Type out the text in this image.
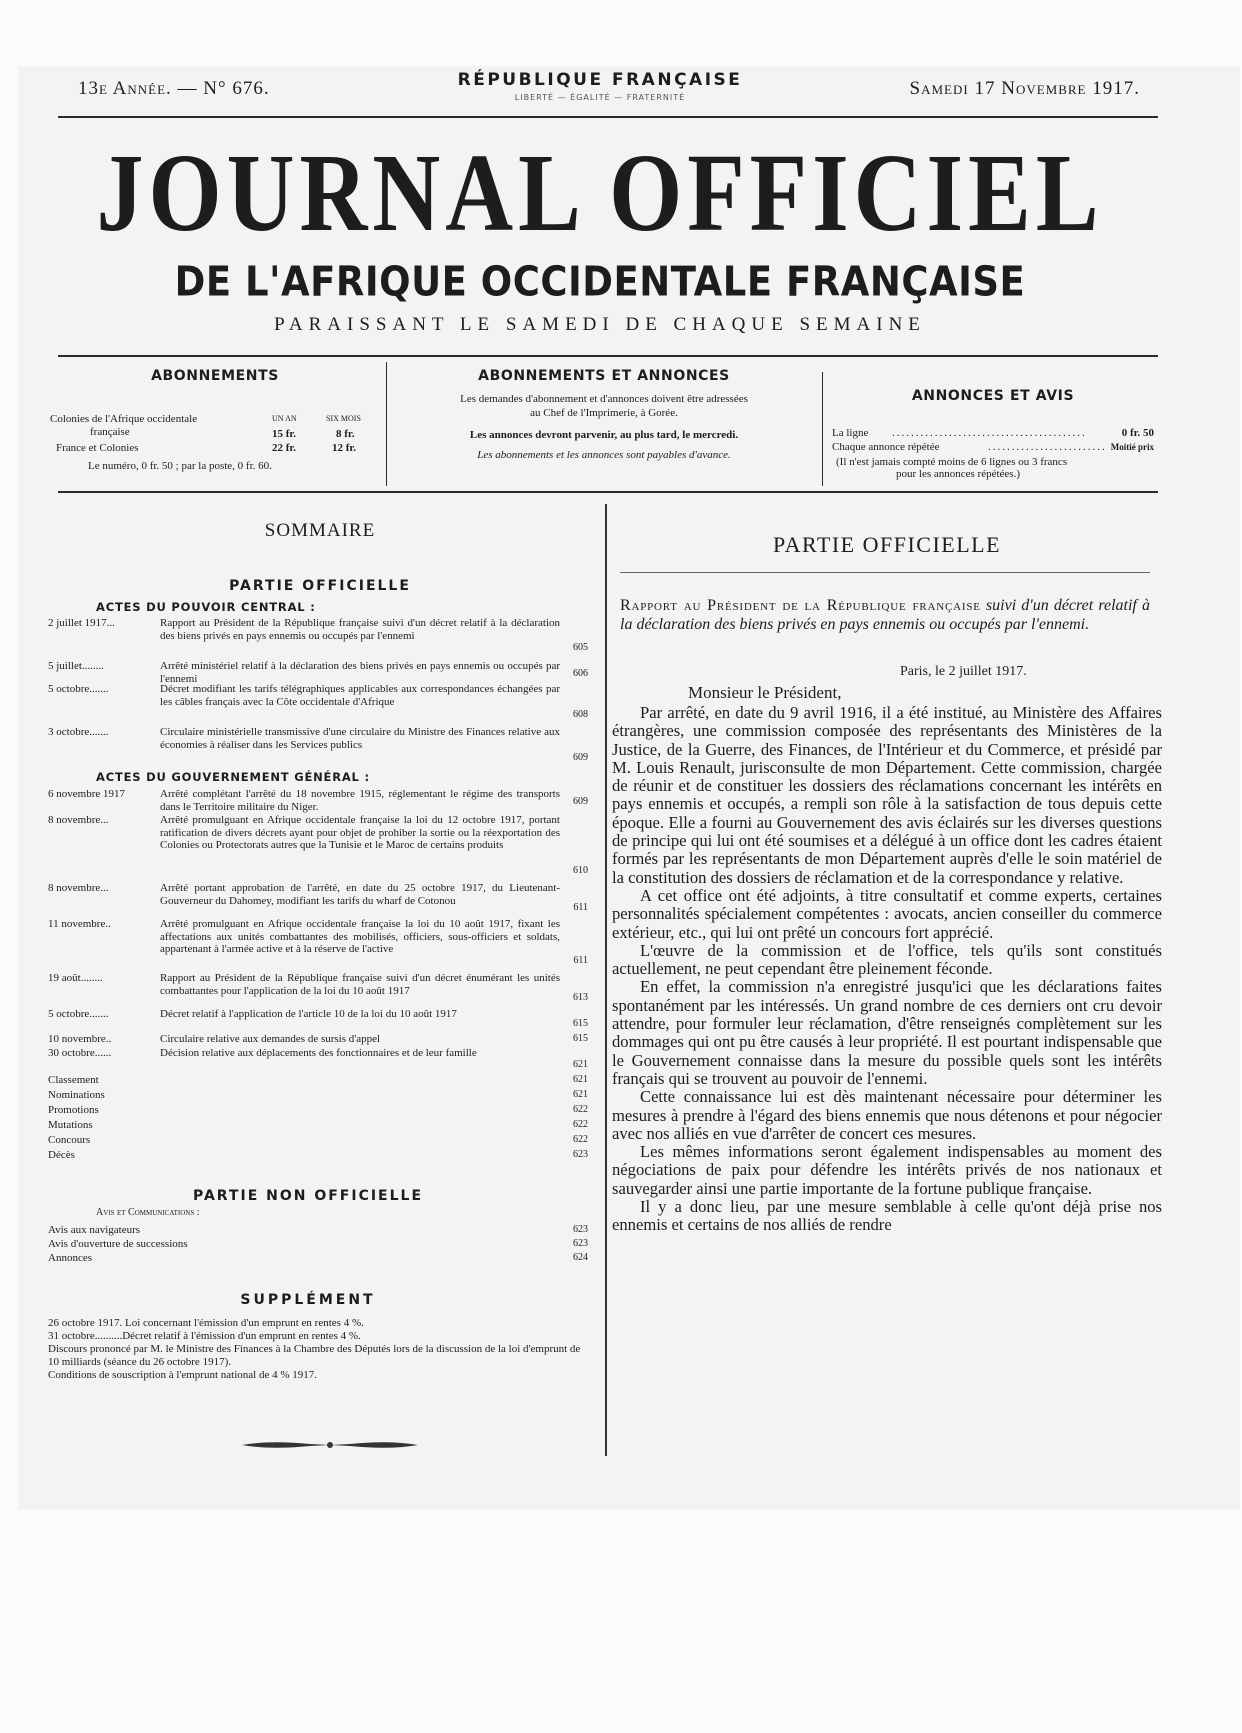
13e Année. — N° 676.	RÉPUBLIQUE FRANÇAISE
LIBERTÉ — ÉGALITÉ — FRATERNITÉ	Samedi 17 Novembre 1917.
JOURNAL OFFICIEL
DE L'AFRIQUE OCCIDENTALE FRANÇAISE
PARAISSANT LE SAMEDI DE CHAQUE SEMAINE
ABONNEMENTS
UN AN	SIX MOIS
Colonies de l'Afrique occidentale
française	15 fr.	8 fr.
France et Colonies	22 fr.	12 fr.
Le numéro, 0 fr. 50 ; par la poste, 0 fr. 60.
ABONNEMENTS ET ANNONCES
Les demandes d'abonnement et d'annonces doivent être adressées
au Chef de l'Imprimerie, à Gorée.
Les annonces devront parvenir, au plus tard, le mercredi.
Les abonnements et les annonces sont payables d'avance.
ANNONCES ET AVIS
La ligne .........................................	0 fr. 50
Chaque annonce répétée	......................... Moitié prix
(Il n'est jamais compté moins de 6 lignes ou 3 francs
pour les annonces répétées.)
SOMMAIRE
PARTIE OFFICIELLE
ACTES DU POUVOIR CENTRAL :
2 juillet 1917...	Rapport au Président de la République française suivi d'un décret relatif à la déclaration des biens privés en pays ennemis ou occupés par l'ennemi
605
5 juillet........	Arrêté ministériel relatif à la déclaration des biens privés en pays ennemis ou occupés par l'ennemi	606
5 octobre.......	Décret modifiant les tarifs télégraphiques applicables aux correspondances échangées par les câbles français avec la Côte occidentale d'Afrique
608
3 octobre.......	Circulaire ministérielle transmissive d'une circulaire du Ministre des Finances relative aux économies à réaliser dans les Services publics
609
ACTES DU GOUVERNEMENT GÉNÉRAL :
6 novembre 1917	Arrêté complétant l'arrêté du 18 novembre 1915, réglementant le régime des transports dans le Territoire militaire du Niger.	609
8 novembre...	Arrêté promulguant en Afrique occidentale française la loi du 12 octobre 1917, portant ratification de divers décrets ayant pour objet de prohiber la sortie ou la réexportation des Colonies ou Protectorats autres que la Tunisie et le Maroc de certains produits
610
8 novembre...	Arrêté portant approbation de l'arrêté, en date du 25 octobre 1917, du Lieutenant-Gouverneur du Dahomey, modifiant les tarifs du wharf de Cotonou
611
11 novembre..	Arrêté promulguant en Afrique occidentale française la loi du 10 août 1917, fixant les affectations aux unités combattantes des mobilisés, officiers, sous-officiers et soldats, appartenant à l'armée active et à la réserve de l'active
611
19 août........	Rapport au Président de la République française suivi d'un décret énumérant les unités combattantes pour l'application de la loi du 10 août 1917
613
5 octobre.......	Décret relatif à l'application de l'article 10 de la loi du 10 août 1917
615
10 novembre..	Circulaire relative aux demandes de sursis d'appel	615
30 octobre......	Décision relative aux déplacements des fonctionnaires et de leur famille
621
Classement	621
Nominations	621
Promotions	622
Mutations	622
Concours	622
Décès	623
PARTIE NON OFFICIELLE
Avis et Communications :
Avis aux navigateurs	623
Avis d'ouverture de successions	623
Annonces	624
SUPPLÉMENT
26 octobre 1917. Loi concernant l'émission d'un emprunt en rentes 4 %.
31 octobre..........Décret relatif à l'émission d'un emprunt en rentes 4 %.
Discours prononcé par M. le Ministre des Finances à la Chambre des Députés lors de la discussion de la loi d'emprunt de 10 milliards (séance du 26 octobre 1917).
Conditions de souscription à l'emprunt national de 4 % 1917.
PARTIE OFFICIELLE
Rapport au Président de la République française suivi d'un décret relatif à la déclaration des biens privés en pays ennemis ou occupés par l'ennemi.
Paris, le 2 juillet 1917.
Monsieur le Président,

Par arrêté, en date du 9 avril 1916, il a été institué, au Ministère des Affaires étrangères, une commission composée des représentants des Ministères de la Justice, de la Guerre, des Finances, de l'Intérieur et du Commerce, et présidé par M. Louis Renault, jurisconsulte de mon Département. Cette commission, chargée de réunir et de constituer les dossiers des réclamations concernant les intérêts en pays ennemis et occupés, a rempli son rôle à la satisfaction de tous depuis cette époque. Elle a fourni au Gouvernement des avis éclairés sur les diverses questions de principe qui lui ont été soumises et a délégué à un office dont les cadres étaient formés par les représentants de mon Département auprès d'elle le soin matériel de la constitution des dossiers de réclamation et de la correspondance y relative.

A cet office ont été adjoints, à titre consultatif et comme experts, certaines personnalités spécialement compétentes : avocats, ancien conseiller du commerce extérieur, etc., qui lui ont prêté un concours fort apprécié.

L'œuvre de la commission et de l'office, tels qu'ils sont constitués actuellement, ne peut cependant être pleinement féconde.

En effet, la commission n'a enregistré jusqu'ici que les déclarations faites spontanément par les intéressés. Un grand nombre de ces derniers ont cru devoir attendre, pour formuler leur réclamation, d'être renseignés complètement sur les dommages qui ont pu être causés à leur propriété. Il est pourtant indispensable que le Gouvernement connaisse dans la mesure du possible quels sont les intérêts français qui se trouvent au pouvoir de l'ennemi.

Cette connaissance lui est dès maintenant nécessaire pour déterminer les mesures à prendre à l'égard des biens ennemis que nous détenons et pour négocier avec nos alliés en vue d'arrêter de concert ces mesures.

Les mêmes informations seront également indispensables au moment des négociations de paix pour défendre les intérêts privés de nos nationaux et sauvegarder ainsi une partie importante de la fortune publique française.

Il y a donc lieu, par une mesure semblable à celle qu'ont déjà prise nos ennemis et certains de nos alliés de rendre
